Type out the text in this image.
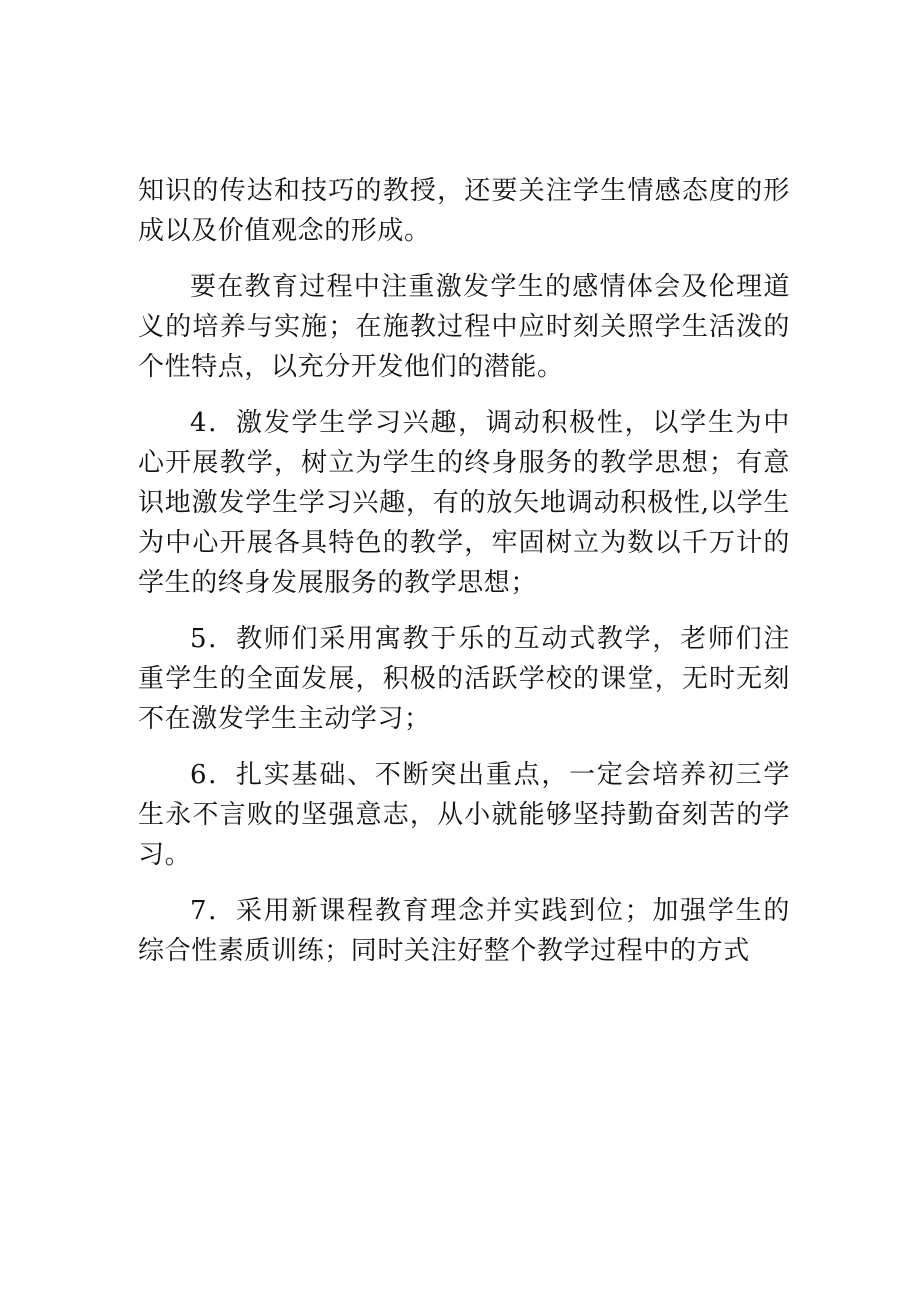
知识的传达和技巧的教授，还要关注学生情感态度的形成以及价值观念的形成。

要在教育过程中注重激发学生的感情体会及伦理道义的培养与实施；在施教过程中应时刻关照学生活泼的个性特点，以充分开发他们的潜能。

4．激发学生学习兴趣，调动积极性，以学生为中心开展教学，树立为学生的终身服务的教学思想；有意识地激发学生学习兴趣，有的放矢地调动积极性,以学生为中心开展各具特色的教学，牢固树立为数以千万计的学生的终身发展服务的教学思想；

5．教师们采用寓教于乐的互动式教学，老师们注重学生的全面发展，积极的活跃学校的课堂，无时无刻不在激发学生主动学习；

6．扎实基础、不断突出重点，一定会培养初三学生永不言败的坚强意志，从小就能够坚持勤奋刻苦的学习。

7．采用新课程教育理念并实践到位；加强学生的综合性素质训练；同时关注好整个教学过程中的方式
